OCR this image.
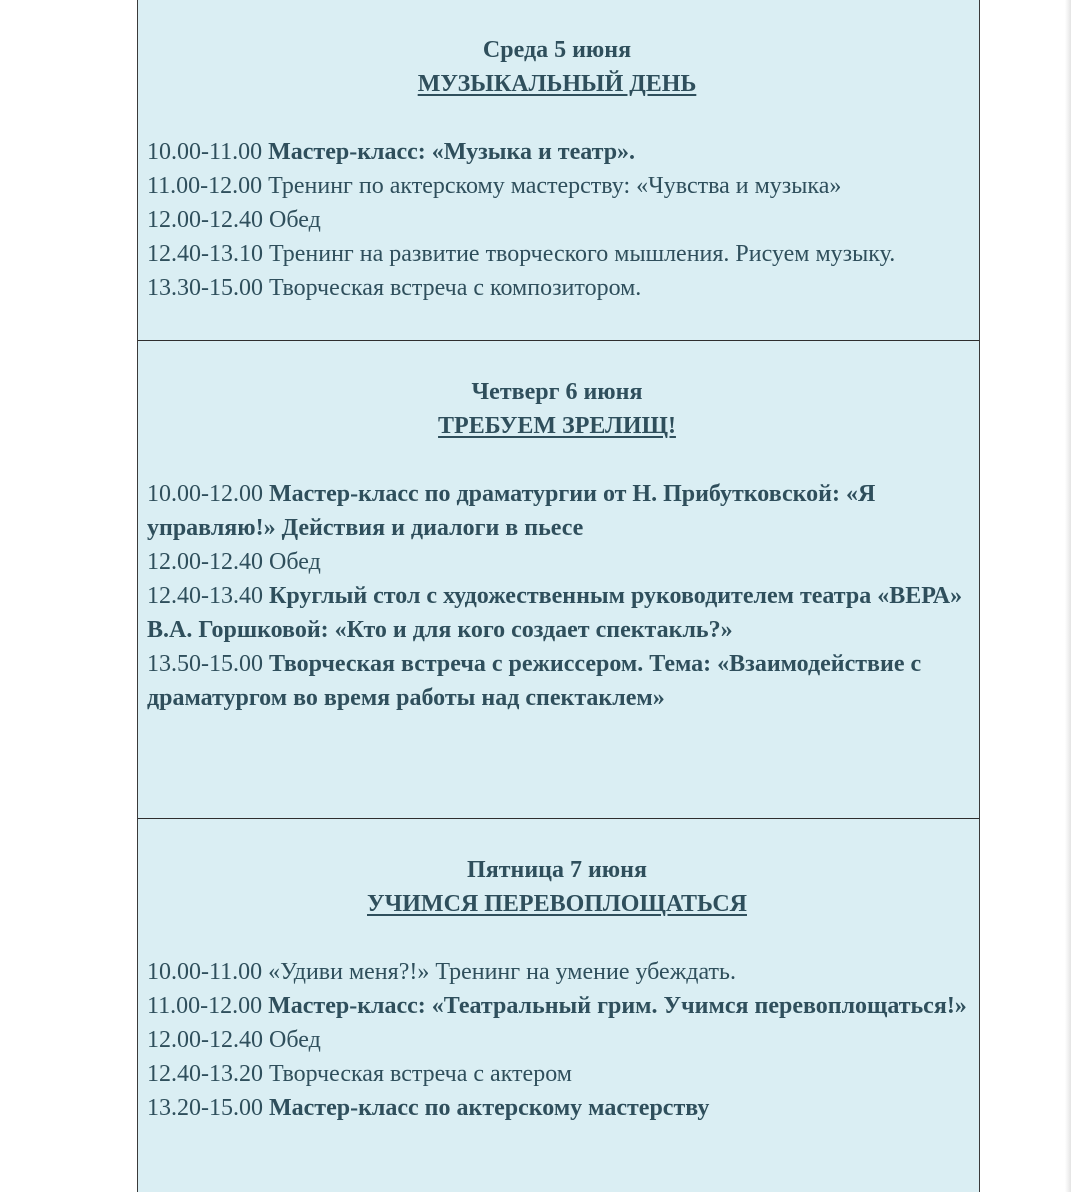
Среда 5 июня

МУЗЫКАЛЬНЫЙ ДЕНЬ

10.00-11.00 Мастер-класс: «Музыка и театр».

11.00-12.00 Тренинг по актерскому мастерству: «Чувства и музыка»

12.00-12.40 Обед

12.40-13.10 Тренинг на развитие творческого мышления. Рисуем музыку.

13.30-15.00 Творческая встреча с композитором.

Четверг 6 июня

ТРЕБУЕМ ЗРЕЛИЩ!

10.00-12.00 Мастер-класс по драматургии от Н. Прибутковской: «Я управляю!» Действия и диалоги в пьесе

12.00-12.40 Обед

12.40-13.40 Круглый стол с художественным руководителем театра «ВЕРА» В.А. Горшковой: «Кто и для кого создает спектакль?»

13.50-15.00 Творческая встреча с режиссером. Тема: «Взаимодействие с драматургом во время работы над спектаклем»

Пятница 7 июня

УЧИМСЯ ПЕРЕВОПЛОЩАТЬСЯ

10.00-11.00 «Удиви меня?!» Тренинг на умение убеждать.

11.00-12.00 Мастер-класс: «Театральный грим. Учимся перевоплощаться!»

12.00-12.40 Обед

12.40-13.20 Творческая встреча с актером

13.20-15.00 Мастер-класс по актерскому мастерству
